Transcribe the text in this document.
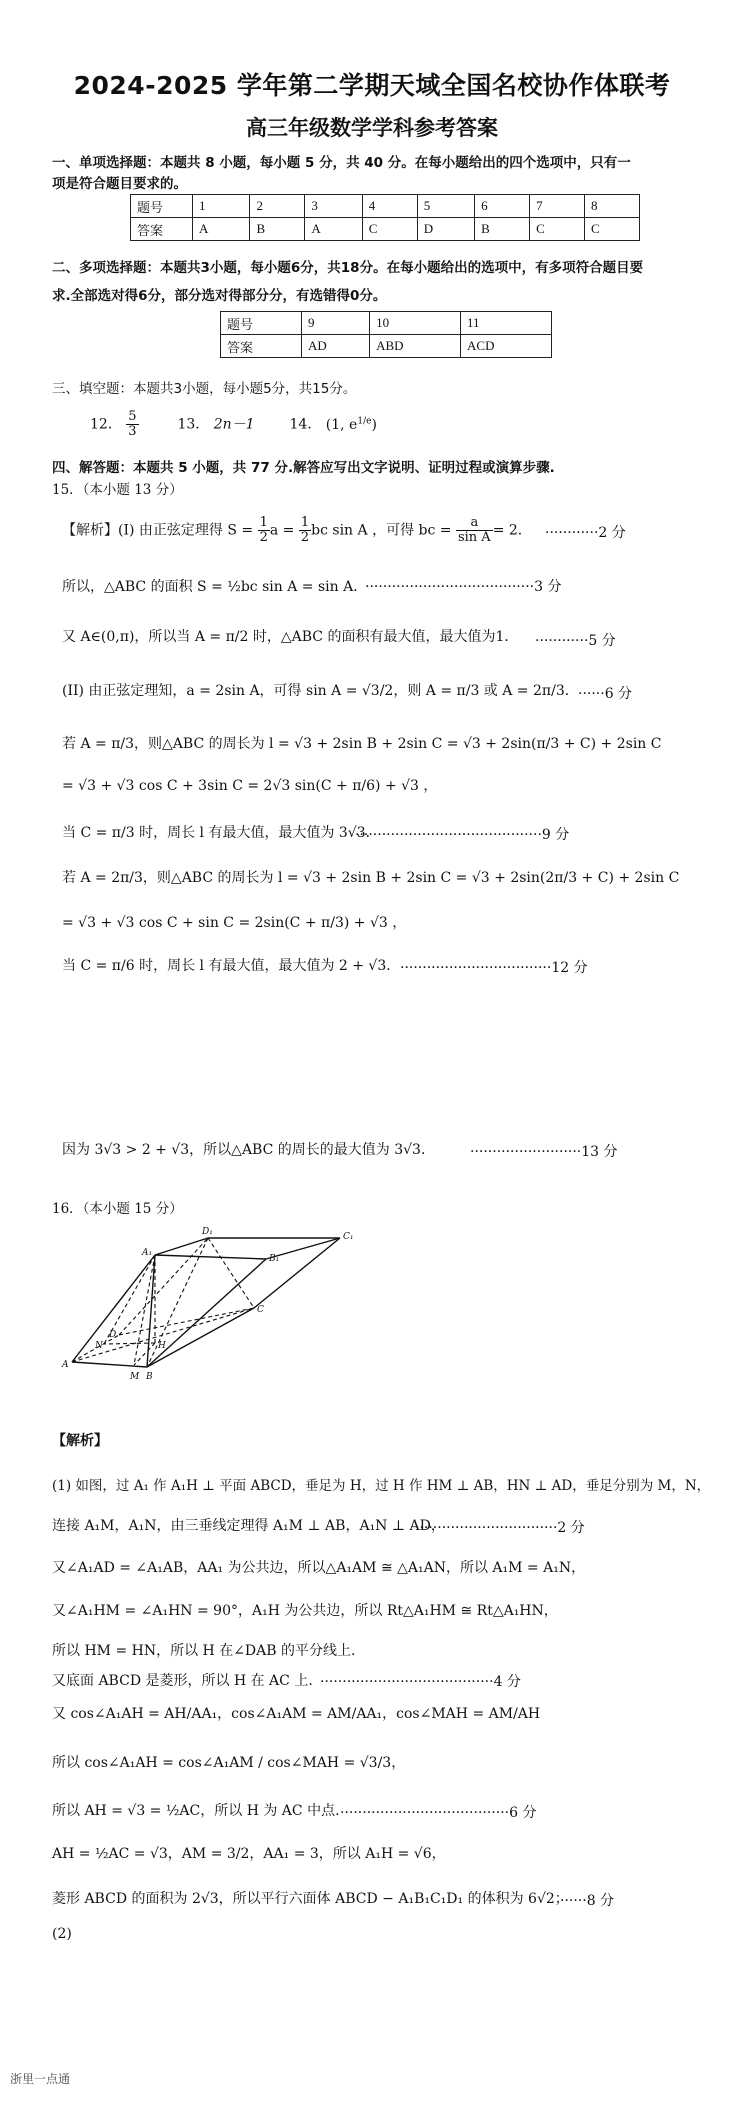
2024-2025 学年第二学期天域全国名校协作体联考
高三年级数学学科参考答案
一、单项选择题：本题共 8 小题，每小题 5 分，共 40 分。在每小题给出的四个选项中，只有一
项是符合题目要求的。
题号	1	2	3	4	5	6	7	8
答案	A	B	A	C	D	B	C	C
二、多项选择题：本题共3小题，每小题6分，共18分。在每小题给出的选项中，有多项符合题目要
求.全部选对得6分，部分选对得部分分，有选错得0分。
题号	9	10	11
答案	AD	ABD	ACD
三、填空题：本题共3小题，每小题5分，共15分。
12． $\frac{5}{3}$	13． 2n－1 14． (1, $e^{1/e}$)
四、解答题：本题共 5 小题，共 77 分.解答应写出文字说明、证明过程或演算步骤.
15．（本小题 13 分）
【解析】(I) 由正弦定理得 $S = \frac{1}{2}$ $a = \frac{1}{2}$ bc sin A ，可得 bc = $\frac{a}{\text{sin A}} = 2$． ············2 分
所以，△ABC 的面积 S = ½bc sin A = sin A．
······································3 分
又 A∈(0,π)，所以当 A = π/2 时，△ABC 的面积有最大值，最大值为1． ············5 分
(II) 由正弦定理知，a = 2sin A，可得 sin A = √3/2，则 A = π/3 或 A = 2π/3． ······6 分
若 A = π/3，则△ABC 的周长为 l = √3 + 2sin B + 2sin C = √3 + 2sin(π/3 + C) + 2sin C
= √3 + √3 cos C + 3sin C = 2√3 sin(C + π/6) + √3 ，
当 C = π/3 时，周长 l 有最大值，最大值为 3√3．
··········································9 分
若 A = 2π/3，则△ABC 的周长为 l = √3 + 2sin B + 2sin C = √3 + 2sin(2π/3 + C) + 2sin C
= √3 + √3 cos C + sin C = 2sin(C + π/3) + √3 ，
当 C = π/6 时，周长 l 有最大值，最大值为 2 + √3． ··································12 分
因为 3√3 > 2 + √3，所以△ABC 的周长的最大值为 3√3．	·························13 分
16．（本小题 15 分）
D₁	C₁
A₁
B₁
D
N	H
C
A
M B
【解析】
(1) 如图，过 A₁ 作 A₁H ⊥ 平面 ABCD，垂足为 H，过 H 作 HM ⊥ AB，HN ⊥ AD，垂足分别为 M，N，
连接 A₁M，A₁N，由三垂线定理得 A₁M ⊥ AB，A₁N ⊥ AD，
································2 分
又∠A₁AD = ∠A₁AB，AA₁ 为公共边，所以△A₁AM ≅ △A₁AN，所以 A₁M = A₁N，
又∠A₁HM = ∠A₁HN = 90°，A₁H 为公共边，所以 Rt△A₁HM ≅ Rt△A₁HN，
所以 HM = HN，所以 H 在∠DAB 的平分线上.
又底面 ABCD 是菱形，所以 H 在 AC 上. ·······································4 分
又 cos∠A₁AH = AH/AA₁，cos∠A₁AM = AM/AA₁，cos∠MAH = AM/AH
所以 cos∠A₁AH = cos∠A₁AM / cos∠MAH = √3/3，
所以 AH = √3 = ½AC，所以 H 为 AC 中点. ······································6 分
AH = ½AC = √3，AM = 3/2，AA₁ = 3，所以 A₁H = √6，
菱形 ABCD 的面积为 2√3，所以平行六面体 ABCD − A₁B₁C₁D₁ 的体积为 6√2；
······8 分
(2)
浙里一点通
